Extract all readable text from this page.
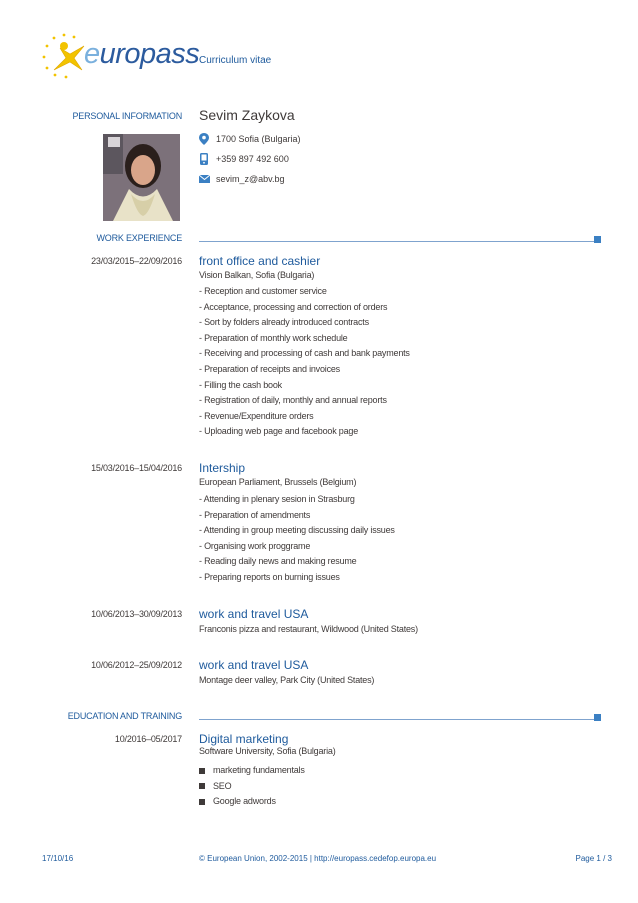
europass Curriculum vitae
PERSONAL INFORMATION Sevim Zaykova
1700 Sofia (Bulgaria)
+359 897 492 600
sevim_z@abv.bg
WORK EXPERIENCE
23/03/2015–22/09/2016 front office and cashier
Vision Balkan, Sofia (Bulgaria)
- Reception and customer service
- Acceptance, processing and correction of orders
- Sort by folders already introduced contracts
- Preparation of monthly work schedule
- Receiving and processing of cash and bank payments
- Preparation of receipts and invoices
- Filling the cash book
- Registration of daily, monthly and annual reports
- Revenue/Expenditure orders
- Uploading web page and facebook page
15/03/2016–15/04/2016 Intership
European Parliament, Brussels (Belgium)
- Attending in plenary sesion in Strasburg
- Preparation of amendments
- Attending in group meeting discussing daily issues
- Organising work proggrame
- Reading daily news and making resume
- Preparing reports on burning issues
10/06/2013–30/09/2013 work and travel USA
Franconis pizza and restaurant, Wildwood (United States)
10/06/2012–25/09/2012 work and travel USA
Montage deer valley, Park City (United States)
EDUCATION AND TRAINING
10/2016–05/2017 Digital marketing
Software University, Sofia (Bulgaria)
marketing fundamentals
SEO
Google adwords
17/10/16	© European Union, 2002-2015 | http://europass.cedefop.europa.eu	Page 1 / 3
